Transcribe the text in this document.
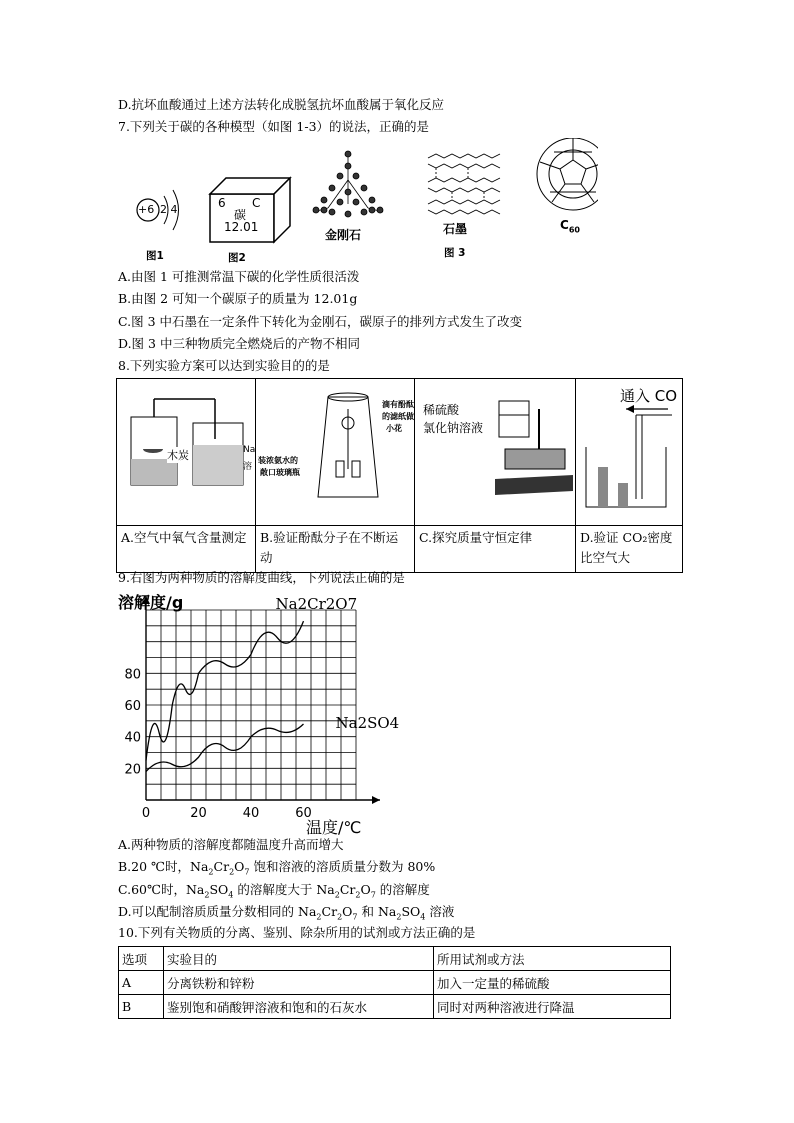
D.抗坏血酸通过上述方法转化成脱氢抗坏血酸属于氧化反应
7.下列关于碳的各种模型（如图 1-3）的说法，正确的是
+6 2 4
图1
6 C
碳
12.01
图2
金刚石	石墨
图 3
$C_{60}$
A.由图 1 可推测常温下碳的化学性质很活泼
B.由图 2 可知一个碳原子的质量为 12.01g
C.图 3 中石墨在一定条件下转化为金刚石，碳原子的排列方式发生了改变
D.图 3 中三种物质完全燃烧后的产物不相同
8.下列实验方案可以达到实验目的的是
木炭 Na
溶	滴有酚酞
的滤纸做
小花
装浓氨水的
敞口玻璃瓶	稀硫酸
氯化钠溶液	通入 CO

A.空气中氧气含量测定	B.验证酚酞分子在不断运动	C.探究质量守恒定律	D.验证 CO₂密度比空气大
9.右图为两种物质的溶解度曲线，下列说法正确的是
0	20	40	60
20
40
60
80
溶解度/g
温度/℃
Na2Cr2O7
Na2SO4
A.两种物质的溶解度都随温度升高而增大
B.20 ℃时，$Na_2Cr_2O_7$ 饱和溶液的溶质质量分数为 80%
C.60℃时，$Na_2SO_4$ 的溶解度大于 $Na_2Cr_2O_7$ 的溶解度
D.可以配制溶质质量分数相同的 $Na_2Cr_2O_7$ 和 $Na_2SO_4$ 溶液
10.下列有关物质的分离、鉴别、除杂所用的试剂或方法正确的是
选项	实验目的	所用试剂或方法
A	分离铁粉和锌粉	加入一定量的稀硫酸
B	鉴别饱和硝酸钾溶液和饱和的石灰水	同时对两种溶液进行降温
